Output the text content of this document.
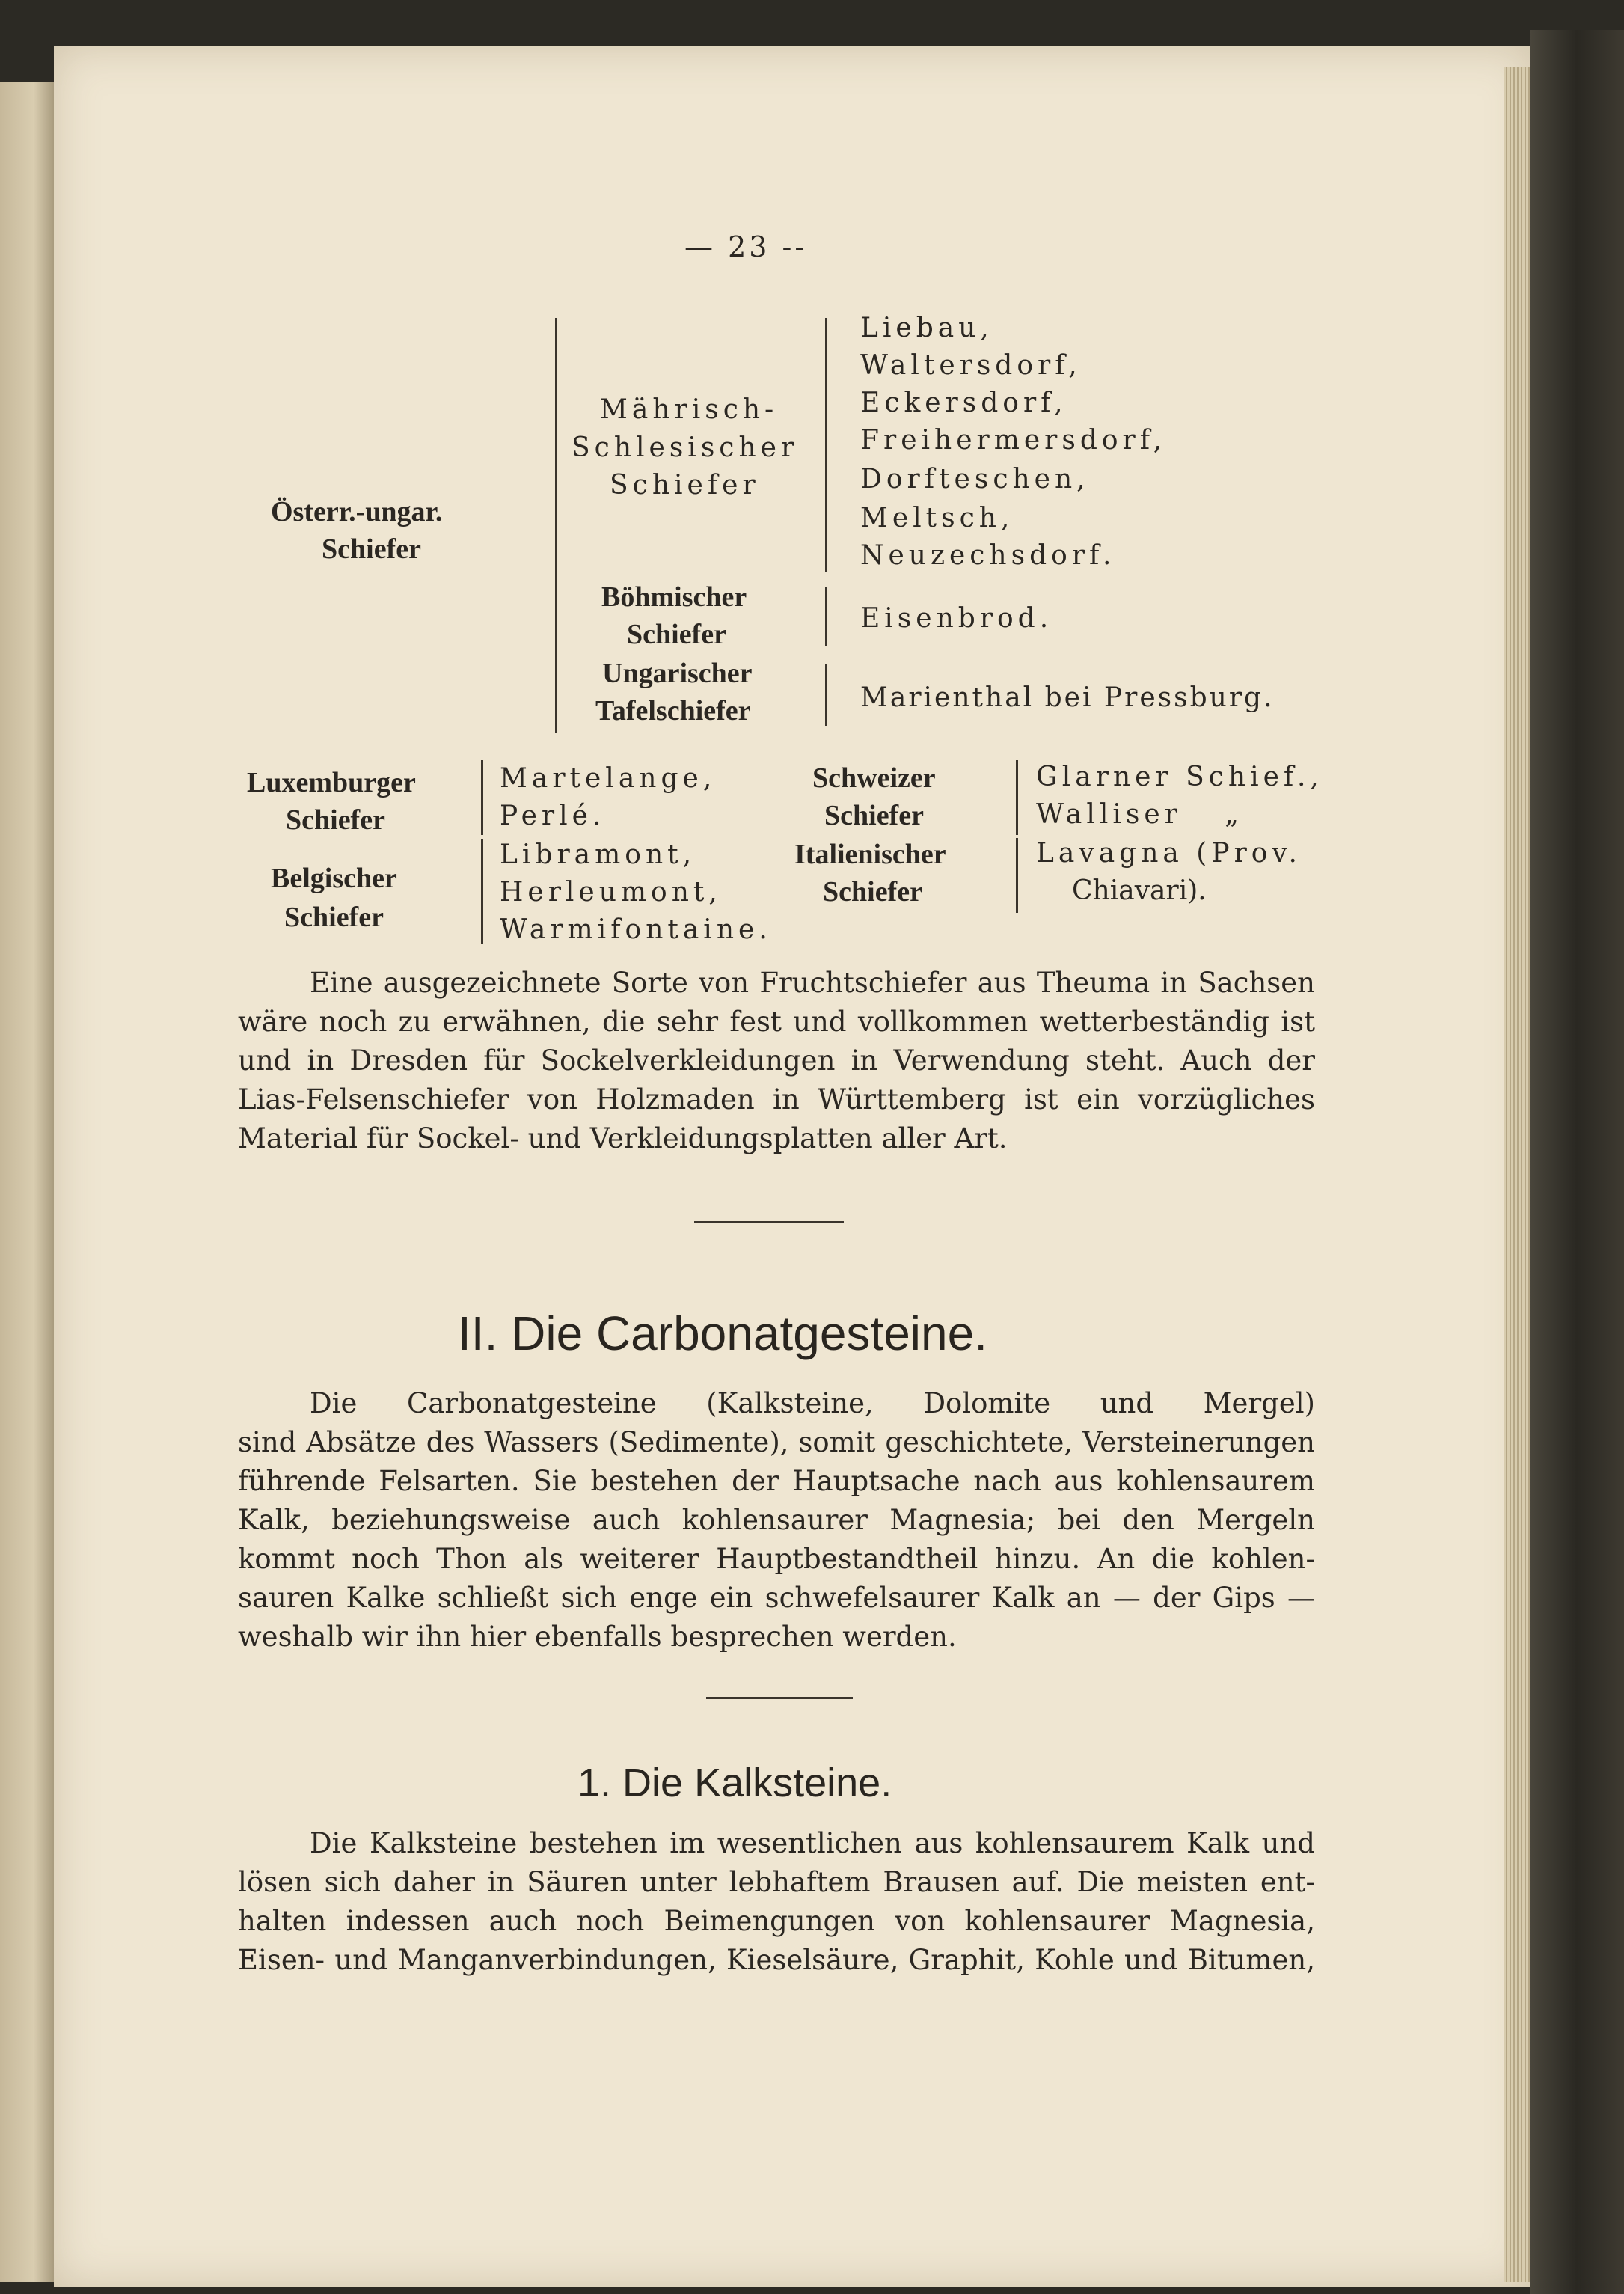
— 23 --
Österr.-ungar.
Schiefer
Mährisch-
Schlesischer
Schiefer
Böhmischer
Schiefer
Ungarischer
Tafelschiefer
Liebau,
Waltersdorf,
Eckersdorf,
Freihermersdorf,
Dorfteschen,
Meltsch,
Neuzechsdorf.
Eisenbrod.
Marienthal bei Pressburg.
Luxemburger
Schiefer
Martelange,
Perlé.
Belgischer
Schiefer
Libramont,
Herleumont,
Warmifontaine.
Schweizer
Schiefer
Glarner Schief.,
Walliser „
Italienischer
Schiefer
Lavagna (Prov.
Chiavari).
Eine ausgezeichnete Sorte von Fruchtschiefer aus Theuma in Sachsen
wäre noch zu erwähnen, die sehr fest und vollkommen wetterbeständig ist
und in Dresden für Sockelverkleidungen in Verwendung steht. Auch der
Lias-Felsenschiefer von Holzmaden in Württemberg ist ein vorzügliches
Material für Sockel- und Verkleidungsplatten aller Art.
II. Die Carbonatgesteine.
Die Carbonatgesteine (Kalksteine, Dolomite und Mergel)
sind Absätze des Wassers (Sedimente), somit geschichtete, Versteinerungen
führende Felsarten. Sie bestehen der Hauptsache nach aus kohlensaurem
Kalk, beziehungsweise auch kohlensaurer Magnesia; bei den Mergeln
kommt noch Thon als weiterer Hauptbestandtheil hinzu. An die kohlen-
sauren Kalke schließt sich enge ein schwefelsaurer Kalk an — der Gips —
weshalb wir ihn hier ebenfalls besprechen werden.
1. Die Kalksteine.
Die Kalksteine bestehen im wesentlichen aus kohlensaurem Kalk und
lösen sich daher in Säuren unter lebhaftem Brausen auf. Die meisten ent-
halten indessen auch noch Beimengungen von kohlensaurer Magnesia,
Eisen- und Manganverbindungen, Kieselsäure, Graphit, Kohle und Bitumen,
